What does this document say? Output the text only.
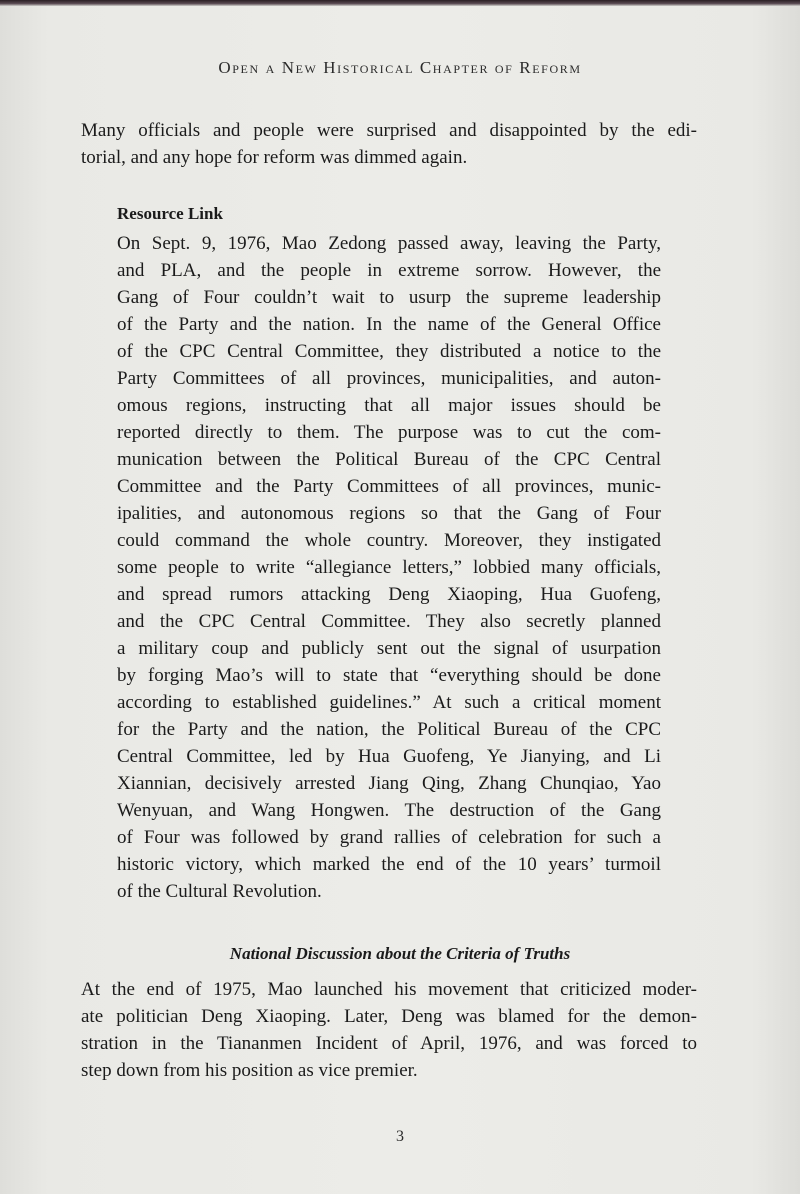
Open a New Historical Chapter of Reform
Many officials and people were surprised and disappointed by the edi-
torial, and any hope for reform was dimmed again.
Resource Link
On Sept. 9, 1976, Mao Zedong passed away, leaving the Party,
and PLA, and the people in extreme sorrow. However, the
Gang of Four couldn’t wait to usurp the supreme leadership
of the Party and the nation. In the name of the General Office
of the CPC Central Committee, they distributed a notice to the
Party Committees of all provinces, municipalities, and auton-
omous regions, instructing that all major issues should be
reported directly to them. The purpose was to cut the com-
munication between the Political Bureau of the CPC Central
Committee and the Party Committees of all provinces, munic-
ipalities, and autonomous regions so that the Gang of Four
could command the whole country. Moreover, they instigated
some people to write “allegiance letters,” lobbied many officials,
and spread rumors attacking Deng Xiaoping, Hua Guofeng,
and the CPC Central Committee. They also secretly planned
a military coup and publicly sent out the signal of usurpation
by forging Mao’s will to state that “everything should be done
according to established guidelines.” At such a critical moment
for the Party and the nation, the Political Bureau of the CPC
Central Committee, led by Hua Guofeng, Ye Jianying, and Li
Xiannian, decisively arrested Jiang Qing, Zhang Chunqiao, Yao
Wenyuan, and Wang Hongwen. The destruction of the Gang
of Four was followed by grand rallies of celebration for such a
historic victory, which marked the end of the 10 years’ turmoil
of the Cultural Revolution.
National Discussion about the Criteria of Truths
At the end of 1975, Mao launched his movement that criticized moder-
ate politician Deng Xiaoping. Later, Deng was blamed for the demon-
stration in the Tiananmen Incident of April, 1976, and was forced to
step down from his position as vice premier.
3
